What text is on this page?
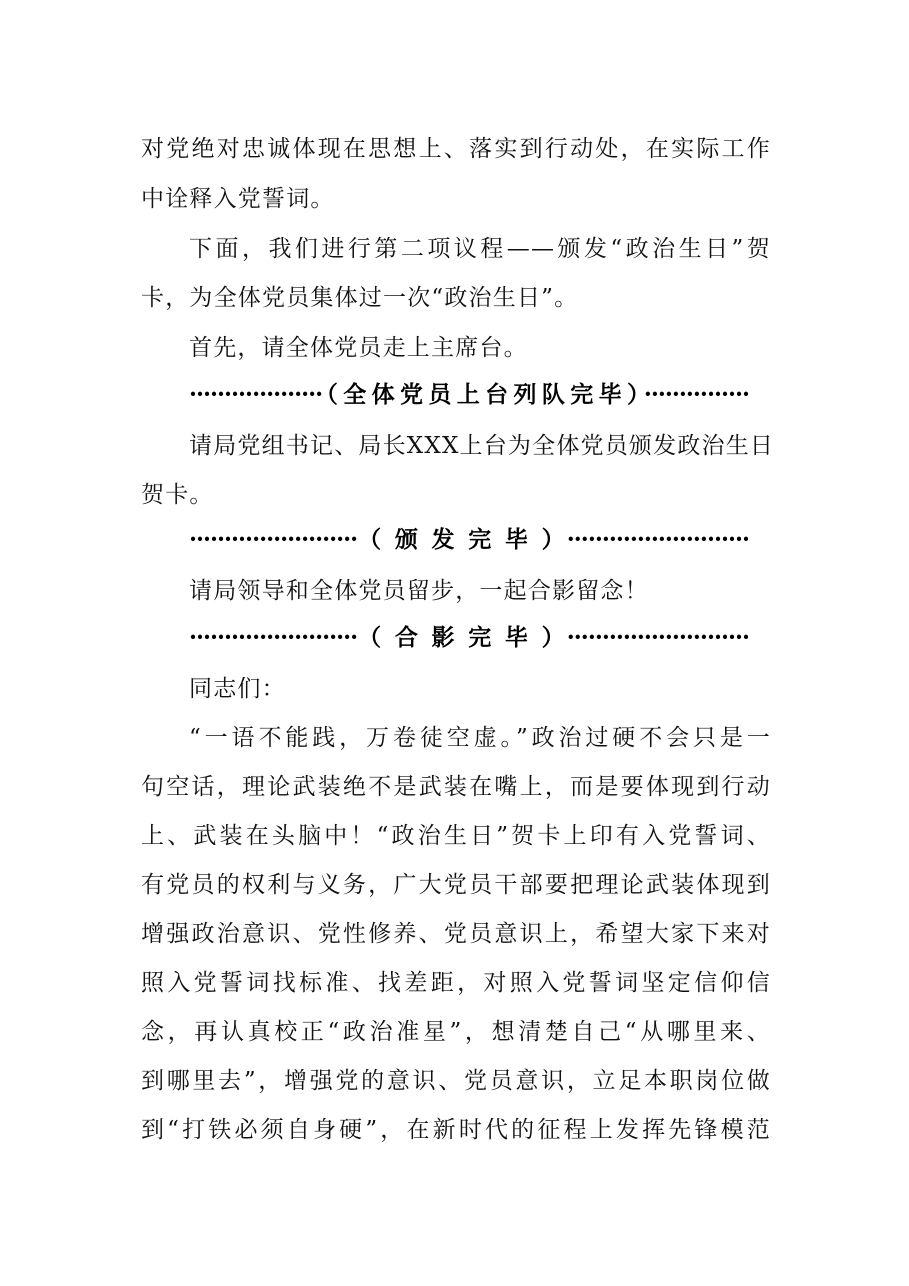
对党绝对忠诚体现在思想上、落实到行动处，在实际工作
中诠释入党誓词。
下面，我们进行第二项议程——颁发“政治生日”贺
卡，为全体党员集体过一次“政治生日”。
首先，请全体党员走上主席台。
···················（全体党员上台列队完毕）···············
请局党组书记、局长XXX上台为全体党员颁发政治生日
贺卡。
························（颁发完毕）··························
请局领导和全体党员留步，一起合影留念！
························（合影完毕）··························
同志们：
“一语不能践，万卷徒空虚。”政治过硬不会只是一
句空话，理论武装绝不是武装在嘴上，而是要体现到行动
上、武装在头脑中！“政治生日”贺卡上印有入党誓词、
有党员的权利与义务，广大党员干部要把理论武装体现到
增强政治意识、党性修养、党员意识上，希望大家下来对
照入党誓词找标准、找差距，对照入党誓词坚定信仰信
念，再认真校正“政治准星”，想清楚自己“从哪里来、
到哪里去”，增强党的意识、党员意识，立足本职岗位做
到“打铁必须自身硬”，在新时代的征程上发挥先锋模范
